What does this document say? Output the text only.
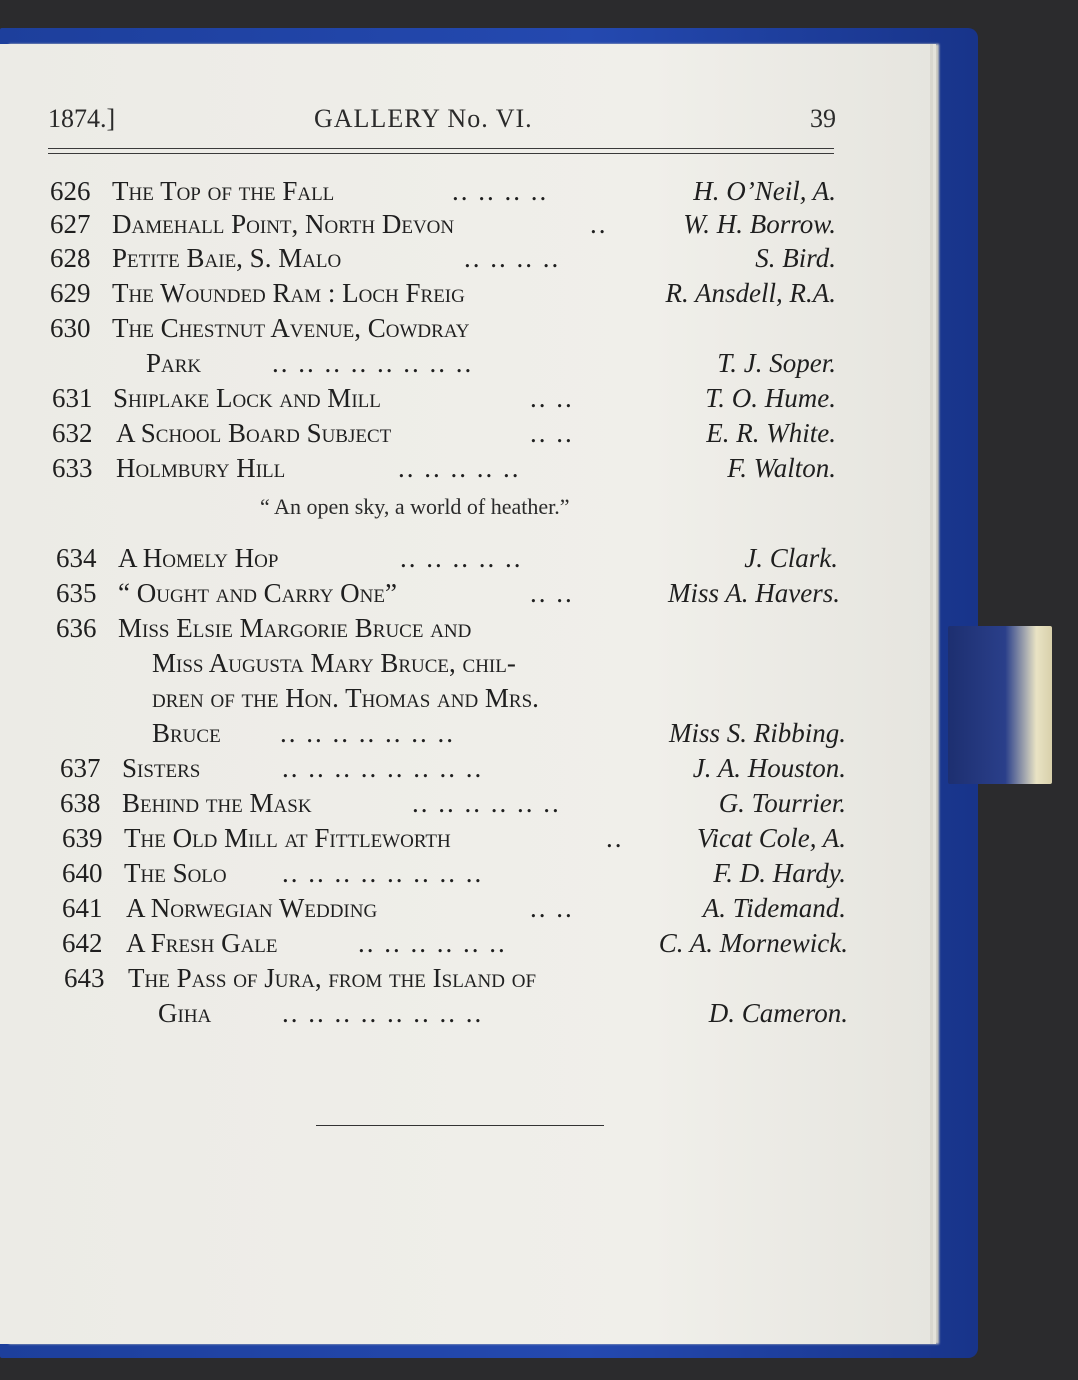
1874.]	GALLERY No. VI.	39
626 The Top of the Fall	.. .. .. ..	H. O’Neil, A.
627 Damehall Point, North Devon	..	W. H. Borrow.
628 Petite Baie, S. Malo	.. .. .. ..	S. Bird.
629 The Wounded Ram : Loch Freig	R. Ansdell, R.A.
630 The Chestnut Avenue, Cowdray
Park	.. .. .. .. .. .. .. ..	T. J. Soper.
631 Shiplake Lock and Mill	.. ..	T. O. Hume.
632 A School Board Subject	.. ..	E. R. White.
633 Holmbury Hill	.. .. .. .. ..	F. Walton.
634 A Homely Hop	.. .. .. .. ..	J. Clark.
635 “ Ought and Carry One”	.. ..	Miss A. Havers.
636 Miss Elsie Margorie Bruce and
Miss Augusta Mary Bruce, chil-
dren of the Hon. Thomas and Mrs.
Bruce .. .. .. .. .. .. ..	Miss S. Ribbing.
637 Sisters	.. .. .. .. .. .. .. ..	J. A. Houston.
638 Behind the Mask	.. .. .. .. .. ..	G. Tourrier.
639 The Old Mill at Fittleworth	..	Vicat Cole, A.
640 The Solo .. .. .. .. .. .. .. ..	F. D. Hardy.
641 A Norwegian Wedding	.. ..	A. Tidemand.
642 A Fresh Gale	.. .. .. .. .. ..	C. A. Mornewick.
643 The Pass of Jura, from the Island of
Giha	.. .. .. .. .. .. .. ..	D. Cameron.
“ An open sky, a world of heather.”
